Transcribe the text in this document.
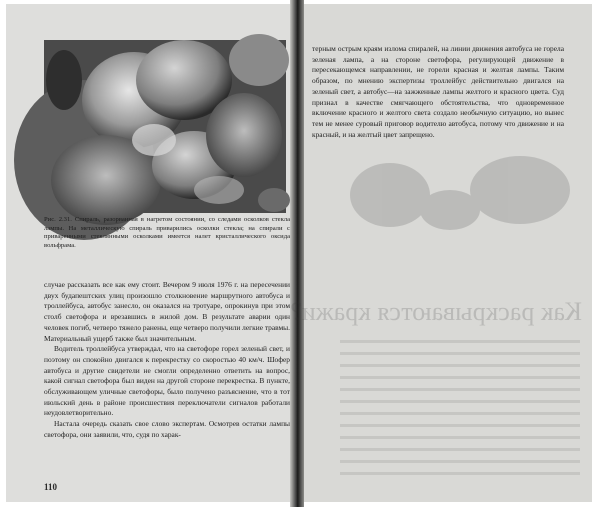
Рис. 2.31. Спираль, разорванная в нагретом состоянии, со следами осколков стекла лампы. На металлическую спираль приварились осколки стекла; на спирали с приваренными стеклянными осколками имеется налет кристаллического оксида вольфрама.

случае рассказать все как ему стоит. Вечером 9 июля 1976 г. на пересечении двух будапештских улиц произошло столкновение маршрутного автобуса и троллейбуса, автобус занесло, он оказался на тротуаре, опрокинув при этом столб светофора и врезавшись в жилой дом. В результате аварии один человек погиб, четверо тяжело ранены, еще четверо получили легкие травмы. Материальный ущерб также был значительным.

Водитель троллейбуса утверждал, что на светофоре горел зеленый свет, и поэтому он спокойно двигался к перекрестку со скоростью 40 км/ч. Шофер автобуса и другие свидетели не смогли определенно ответить на вопрос, какой сигнал светофора был виден на другой стороне перекрестка. В пункте, обслуживающем уличные светофоры, было получено разъяснение, что в тот июльский день в районе происшествия переключатели сигналов работали неудовлетворительно.

Настала очередь сказать свое слово экспертам. Осмотрев остатки лампы светофора, они заявили, что, судя по харак-

110

терным острым краям излома спиралей, на линии движения автобуса не горела зеленая лампа, а на стороне светофора, регулирующей движение в пересекающемся направлении, не горели красная и желтая лампы. Таким образом, по мнению экспертизы троллейбус действительно двигался на зеленый свет, а автобус—на зажженные лампы желтого и красного цвета. Суд признал в качестве смягчающего обстоятельства, что одновременное включение красного и желтого света создало необычную ситуацию, но вынес тем не менее суровый приговор водителю автобуса, потому что движение и на красный, и на желтый цвет запрещено.

Как раскрываются кражи?
